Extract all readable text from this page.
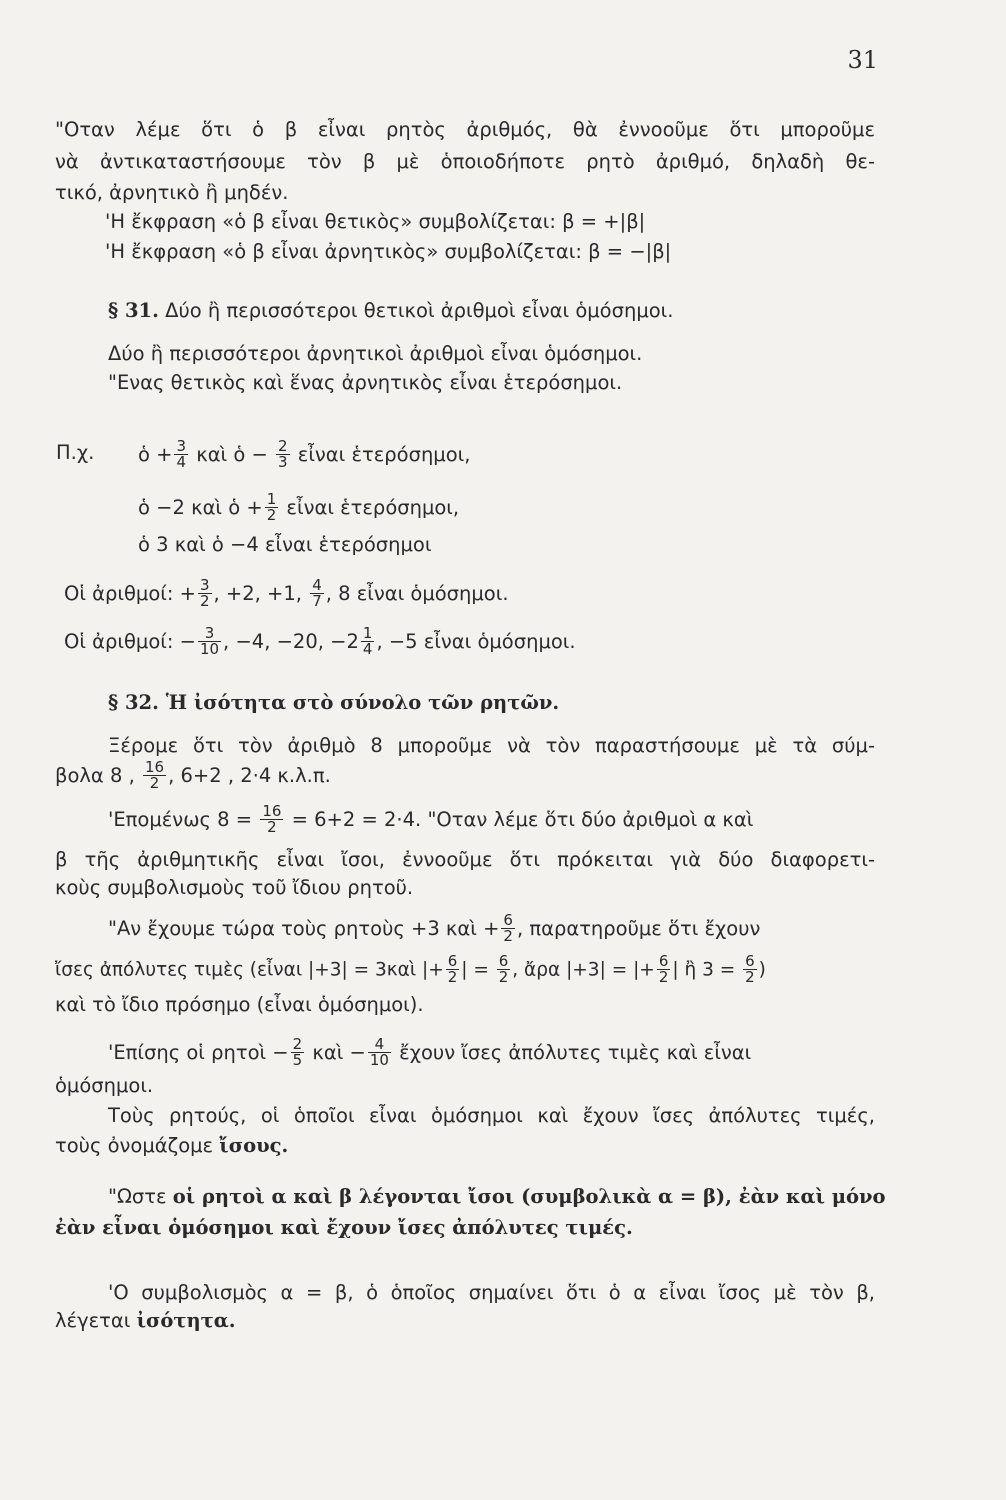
31
"Οταν λέμε ὅτι ὁ β εἶναι ρητὸς ἀριθμός, θὰ ἐννοοῦμε ὅτι μποροῦμε
νὰ ἀντικαταστήσουμε τὸν β μὲ ὁποιοδήποτε ρητὸ ἀριθμό, δηλαδὴ θε-
τικό, ἀρνητικὸ ἢ μηδέν.
'Η ἔκφραση «ὁ β εἶναι θετικὸς» συμβολίζεται: β = +|β|
'Η ἔκφραση «ὁ β εἶναι ἀρνητικὸς» συμβολίζεται: β = −|β|
§ 31. Δύο ἢ περισσότεροι θετικοὶ ἀριθμοὶ εἶναι ὁμόσημοι.
Δύο ἢ περισσότεροι ἀρνητικοὶ ἀριθμοὶ εἶναι ὁμόσημοι.
"Ενας θετικὸς καὶ ἕνας ἀρνητικὸς εἶναι ἑτερόσημοι.
Π.χ.	ὁ + $\frac{3}{4}$ καὶ ὁ − $\frac{2}{3}$ εἶναι ἑτερόσημοι,
ὁ −2 καὶ ὁ + $\frac{1}{2}$ εἶναι ἑτερόσημοι,
ὁ 3 καὶ ὁ −4 εἶναι ἑτερόσημοι
Οἱ ἀριθμοί: + $\frac{3}{2}$ , +2, +1, $\frac{4}{7}$ , 8 εἶναι ὁμόσημοι.
Οἱ ἀριθμοί: − $\frac{3}{10}$ , −4, −20, $-2 \frac{1}{4}$ , −5 εἶναι ὁμόσημοι.
§ 32. Ἡ ἰσότητα στὸ σύνολο τῶν ρητῶν.
Ξέρομε ὅτι τὸν ἀριθμὸ 8 μποροῦμε νὰ τὸν παραστήσουμε μὲ τὰ σύμ-
βολα 8 , $\frac{16}{2}$ , 6+2 , 2·4 κ.λ.π.
'Επομένως $8 = \frac{16}{2} = 6+2 = 2\cdot 4$. "Οταν λέμε ὅτι δύο ἀριθμοὶ α καὶ
β τῆς ἀριθμητικῆς εἶναι ἴσοι, ἐννοοῦμε ὅτι πρόκειται γιὰ δύο διαφορετι-
κοὺς συμβολισμοὺς τοῦ ἴδιου ρητοῦ.
"Αν ἔχουμε τώρα τοὺς ρητοὺς +3 καὶ + $\frac{6}{2}$ , παρατηροῦμε ὅτι ἔχουν
ἴσες ἀπόλυτες τιμὲς (εἶναι |+3| = 3καὶ |+ $\frac{6}{2}$ | = $\frac{6}{2}$ , ἄρα |+3| = |+ $\frac{6}{2}$ | ἢ $3 = \frac{6}{2}$ )
καὶ τὸ ἴδιο πρόσημο (εἶναι ὁμόσημοι).
'Επίσης οἱ ρητοὶ − $\frac{2}{5}$ καὶ − $\frac{4}{10}$ ἔχουν ἴσες ἀπόλυτες τιμὲς καὶ εἶναι
ὁμόσημοι.
Τοὺς ρητούς, οἱ ὁποῖοι εἶναι ὁμόσημοι καὶ ἔχουν ἴσες ἀπόλυτες τιμές,
τοὺς ὀνομάζομε ἴσους.
"Ωστε οἱ ρητοὶ α καὶ β λέγονται ἴσοι (συμβολικὰ α = β), ἐὰν καὶ μόνο
ἐὰν εἶναι ὁμόσημοι καὶ ἔχουν ἴσες ἀπόλυτες τιμές.
'Ο συμβολισμὸς α = β, ὁ ὁποῖος σημαίνει ὅτι ὁ α εἶναι ἴσος μὲ τὸν β,
λέγεται ἰσότητα.
